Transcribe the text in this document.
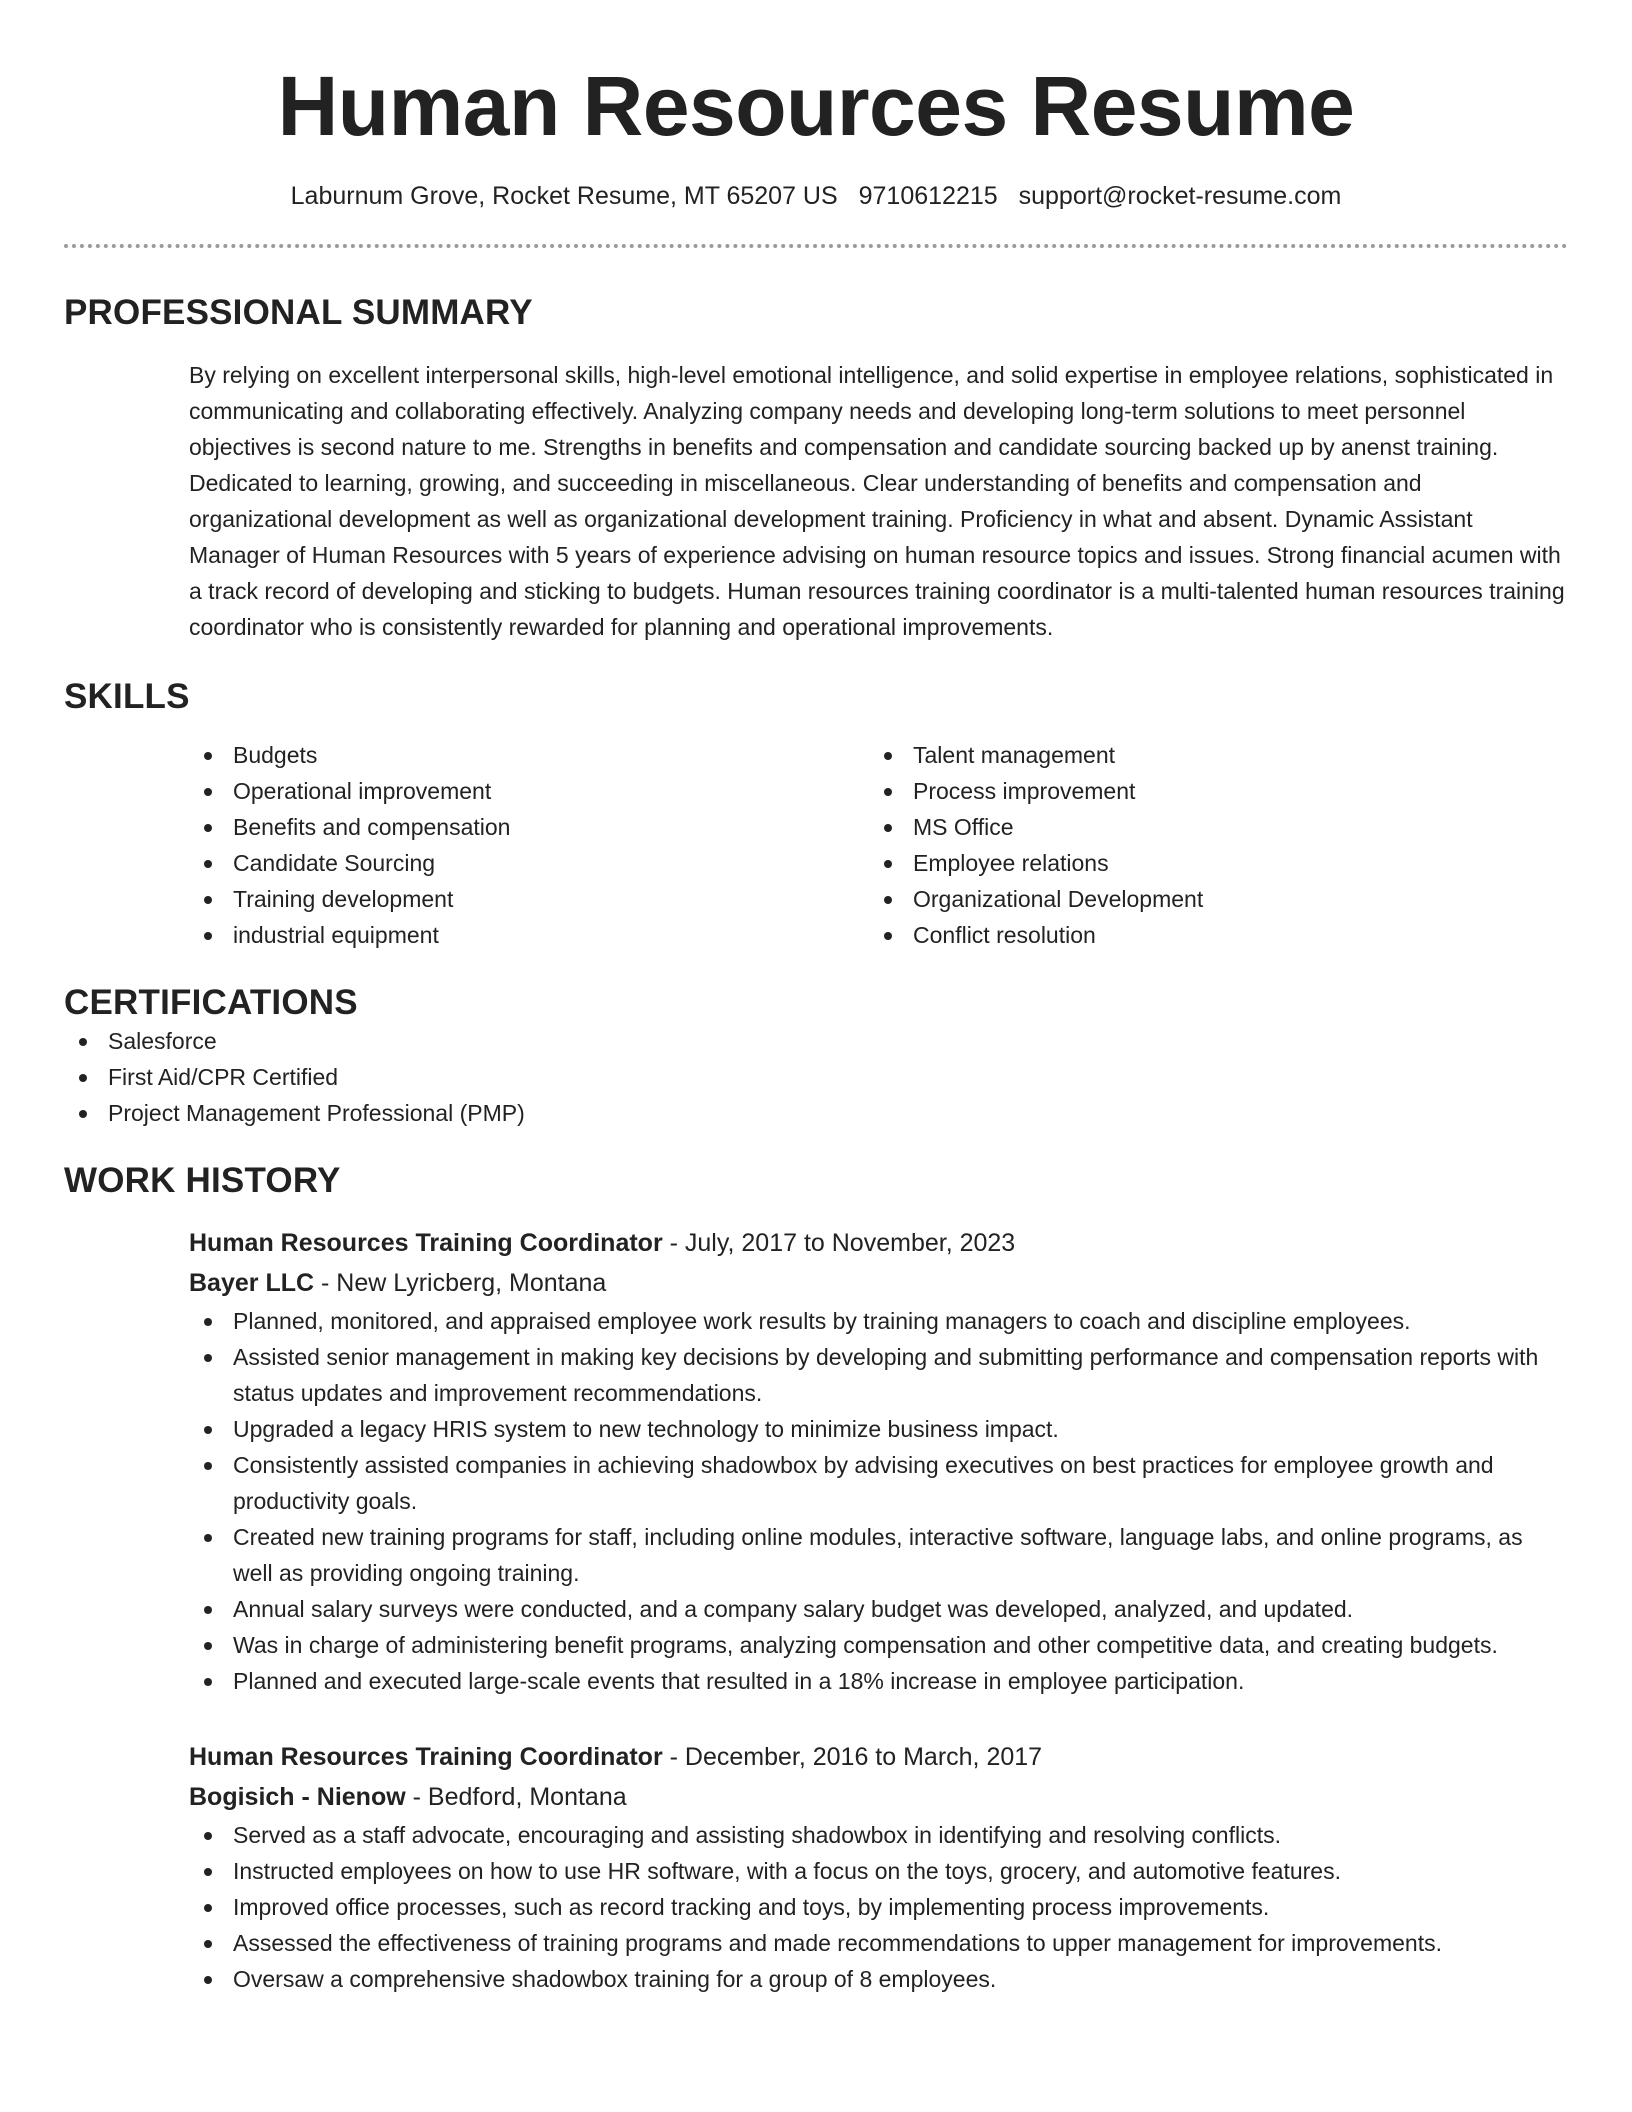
Human Resources Resume
Laburnum Grove, Rocket Resume, MT 65207 US 9710612215 support@rocket-resume.com
PROFESSIONAL SUMMARY

By relying on excellent interpersonal skills, high-level emotional intelligence, and solid expertise in employee relations, sophisticated in communicating and collaborating effectively. Analyzing company needs and developing long-term solutions to meet personnel objectives is second nature to me. Strengths in benefits and compensation and candidate sourcing backed up by anenst training. Dedicated to learning, growing, and succeeding in miscellaneous. Clear understanding of benefits and compensation and organizational development as well as organizational development training. Proficiency in what and absent. Dynamic Assistant Manager of Human Resources with 5 years of experience advising on human resource topics and issues. Strong financial acumen with a track record of developing and sticking to budgets. Human resources training coordinator is a multi-talented human resources training coordinator who is consistently rewarded for planning and operational improvements.

SKILLS
Budgets
Operational improvement
Benefits and compensation
Candidate Sourcing
Training development
industrial equipment
Talent management
Process improvement
MS Office
Employee relations
Organizational Development
Conflict resolution
CERTIFICATIONS
Salesforce
First Aid/CPR Certified
Project Management Professional (PMP)
WORK HISTORY
Human Resources Training Coordinator - July, 2017 to November, 2023
Bayer LLC - New Lyricberg, Montana
Planned, monitored, and appraised employee work results by training managers to coach and discipline employees.
Assisted senior management in making key decisions by developing and submitting performance and compensation reports with status updates and improvement recommendations.
Upgraded a legacy HRIS system to new technology to minimize business impact.
Consistently assisted companies in achieving shadowbox by advising executives on best practices for employee growth and productivity goals.
Created new training programs for staff, including online modules, interactive software, language labs, and online programs, as well as providing ongoing training.
Annual salary surveys were conducted, and a company salary budget was developed, analyzed, and updated.
Was in charge of administering benefit programs, analyzing compensation and other competitive data, and creating budgets.
Planned and executed large-scale events that resulted in a 18% increase in employee participation.
Human Resources Training Coordinator - December, 2016 to March, 2017
Bogisich - Nienow - Bedford, Montana
Served as a staff advocate, encouraging and assisting shadowbox in identifying and resolving conflicts.
Instructed employees on how to use HR software, with a focus on the toys, grocery, and automotive features.
Improved office processes, such as record tracking and toys, by implementing process improvements.
Assessed the effectiveness of training programs and made recommendations to upper management for improvements.
Oversaw a comprehensive shadowbox training for a group of 8 employees.
